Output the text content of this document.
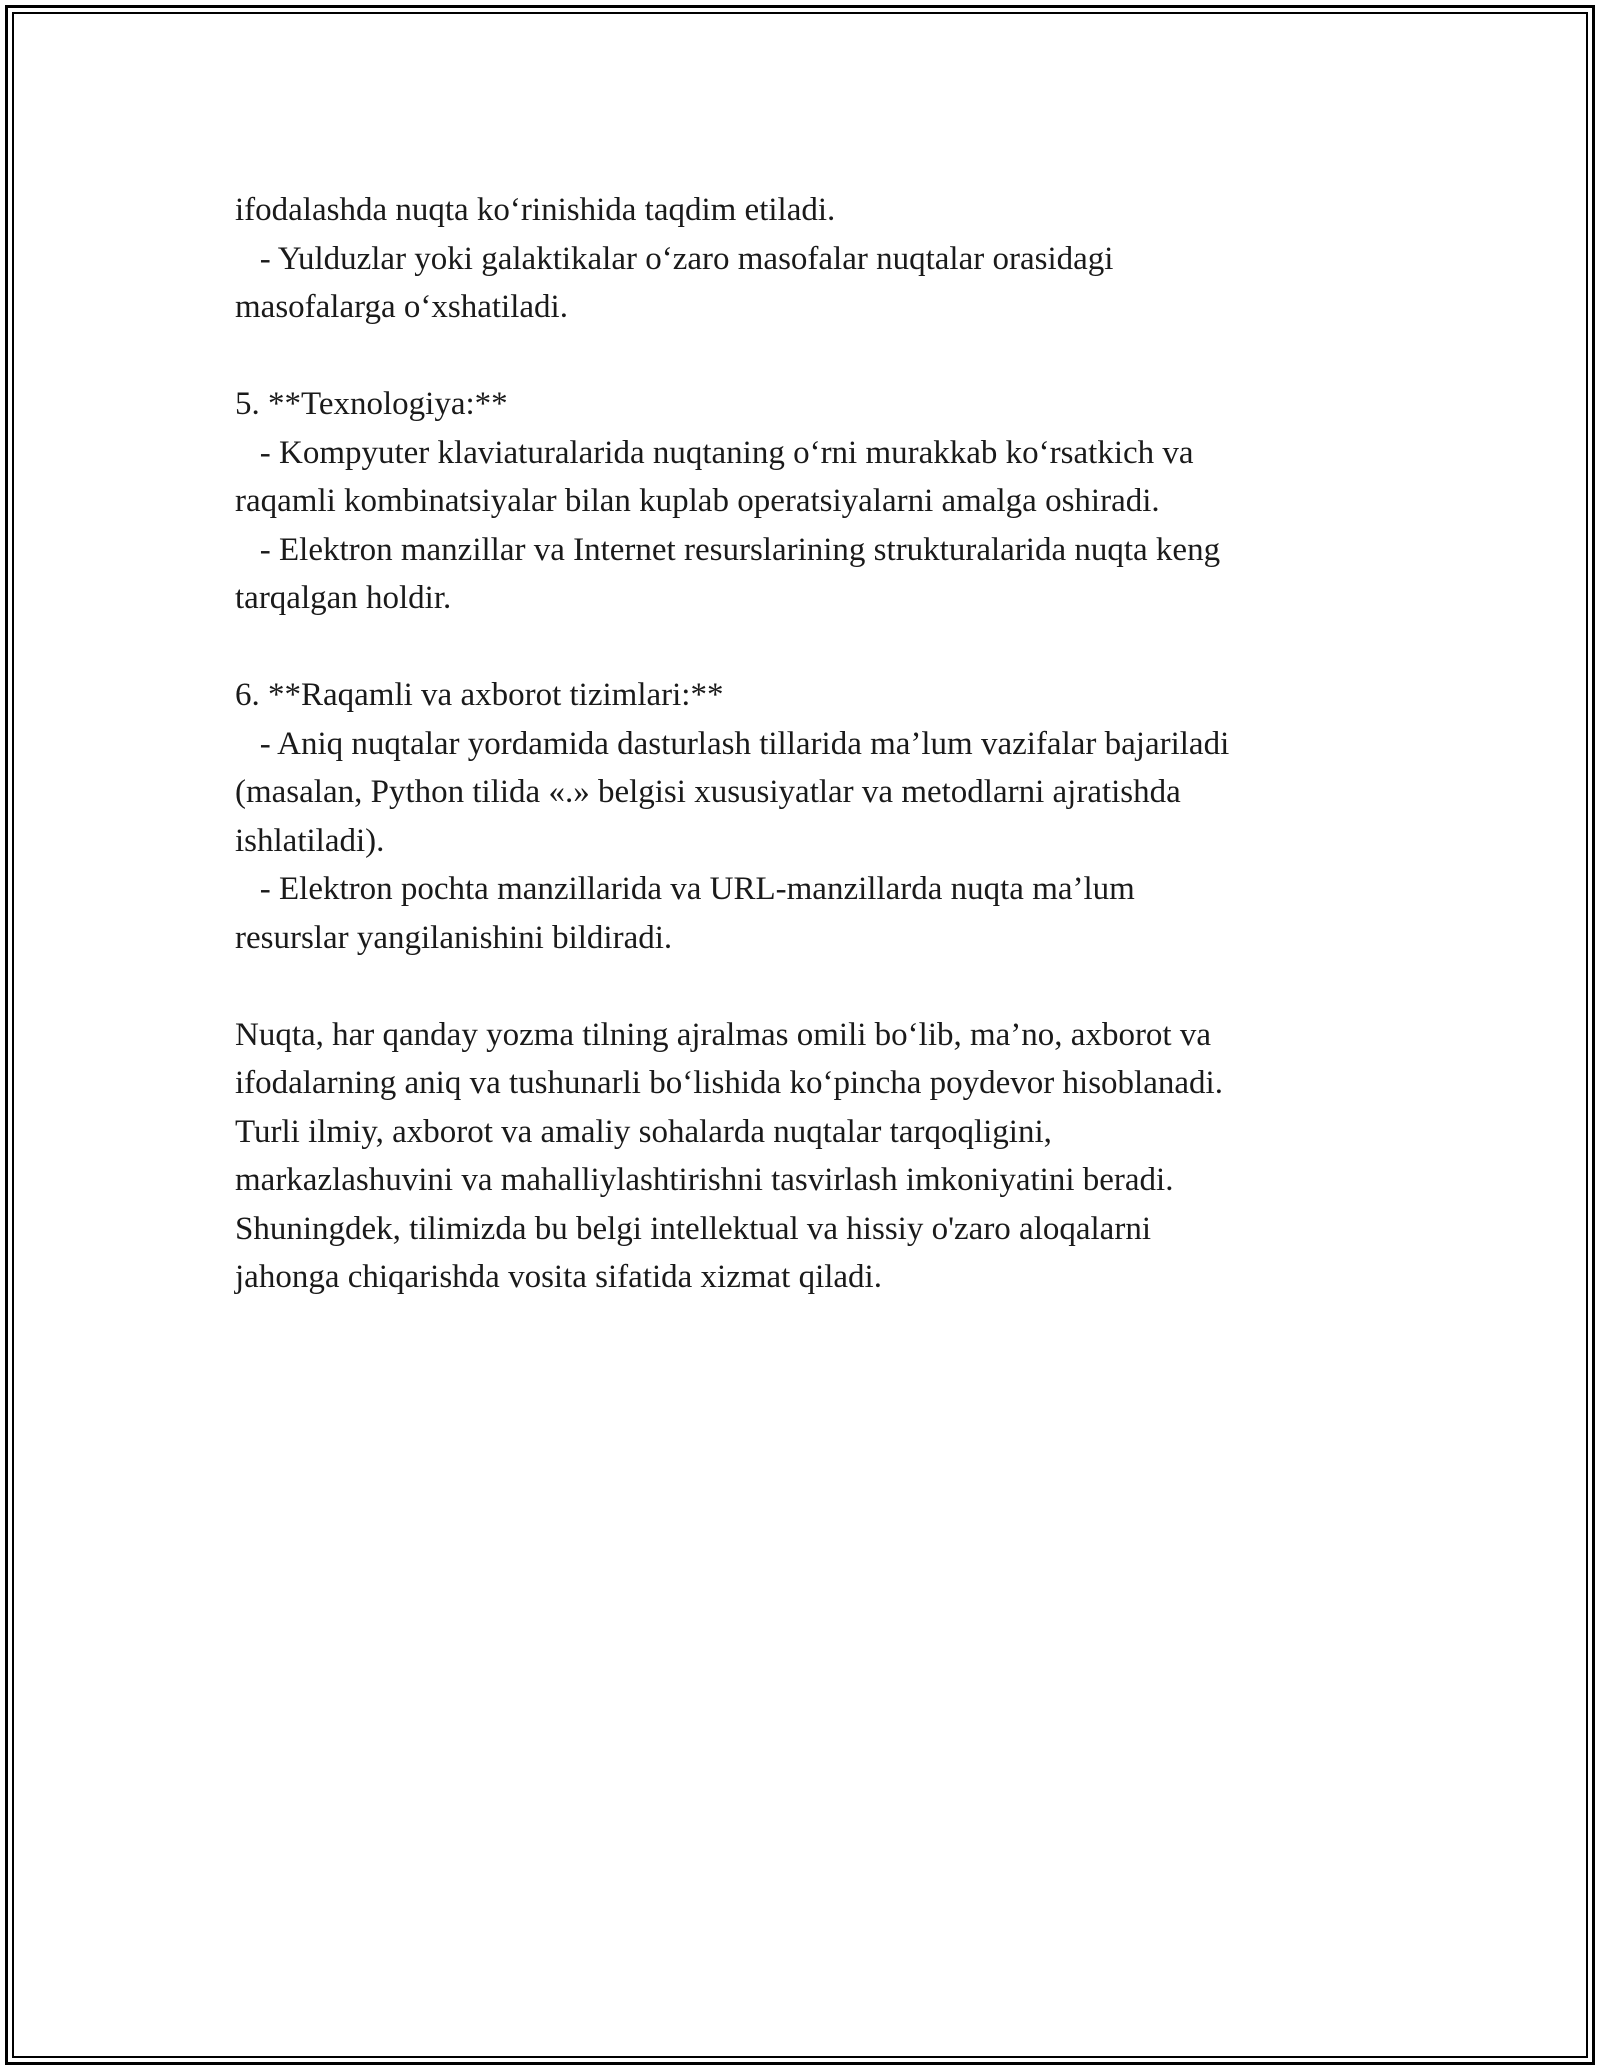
ifodalashda nuqta ko‘rinishida taqdim etiladi.
- Yulduzlar yoki galaktikalar o‘zaro masofalar nuqtalar orasidagi
masofalarga o‘xshatiladi.
5. **Texnologiya:**
- Kompyuter klaviaturalarida nuqtaning o‘rni murakkab ko‘rsatkich va
raqamli kombinatsiyalar bilan kuplab operatsiyalarni amalga oshiradi.
- Elektron manzillar va Internet resurslarining strukturalarida nuqta keng
tarqalgan holdir.
6. **Raqamli va axborot tizimlari:**
- Aniq nuqtalar yordamida dasturlash tillarida ma’lum vazifalar bajariladi
(masalan, Python tilida «.» belgisi xususiyatlar va metodlarni ajratishda
ishlatiladi).
- Elektron pochta manzillarida va URL-manzillarda nuqta ma’lum
resurslar yangilanishini bildiradi.
Nuqta, har qanday yozma tilning ajralmas omili bo‘lib, ma’no, axborot va
ifodalarning aniq va tushunarli bo‘lishida ko‘pincha poydevor hisoblanadi.
Turli ilmiy, axborot va amaliy sohalarda nuqtalar tarqoqligini,
markazlashuvini va mahalliylashtirishni tasvirlash imkoniyatini beradi.
Shuningdek, tilimizda bu belgi intellektual va hissiy o'zaro aloqalarni
jahonga chiqarishda vosita sifatida xizmat qiladi.
